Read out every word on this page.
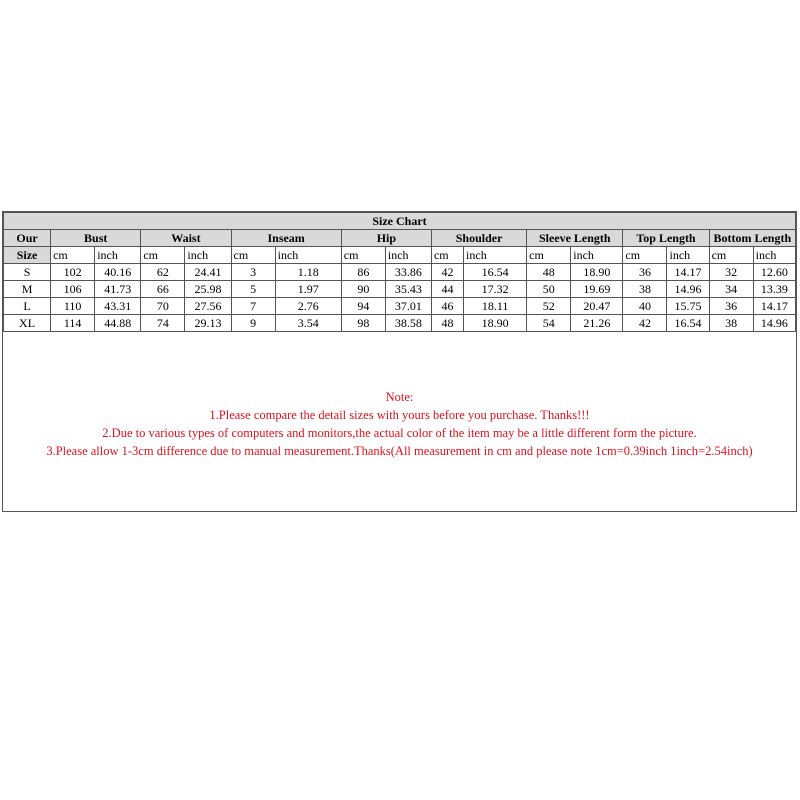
Size Chart																
Our	Bust		Waist		Inseam		Hip		Shoulder		Sleeve Length		Top Length		Bottom Length	
Size	cm	inch	cm	inch	cm	inch	cm	inch	cm	inch	cm	inch	cm	inch	cm	inch
S	102	40.16	62	24.41	3	1.18	86	33.86	42	16.54	48	18.90	36	14.17	32	12.60
M	106	41.73	66	25.98	5	1.97	90	35.43	44	17.32	50	19.69	38	14.96	34	13.39
L	110	43.31	70	27.56	7	2.76	94	37.01	46	18.11	52	20.47	40	15.75	36	14.17
XL	114	44.88	74	29.13	9	3.54	98	38.58	48	18.90	54	21.26	42	16.54	38	14.96
Note:
1.Please compare the detail sizes with yours before you purchase. Thanks!!!
2.Due to various types of computers and monitors,the actual color of the item may be a little different form the picture.
3.Please allow 1-3cm difference due to manual measurement.Thanks(All measurement in cm and please note 1cm=0.39inch 1inch=2.54inch)
